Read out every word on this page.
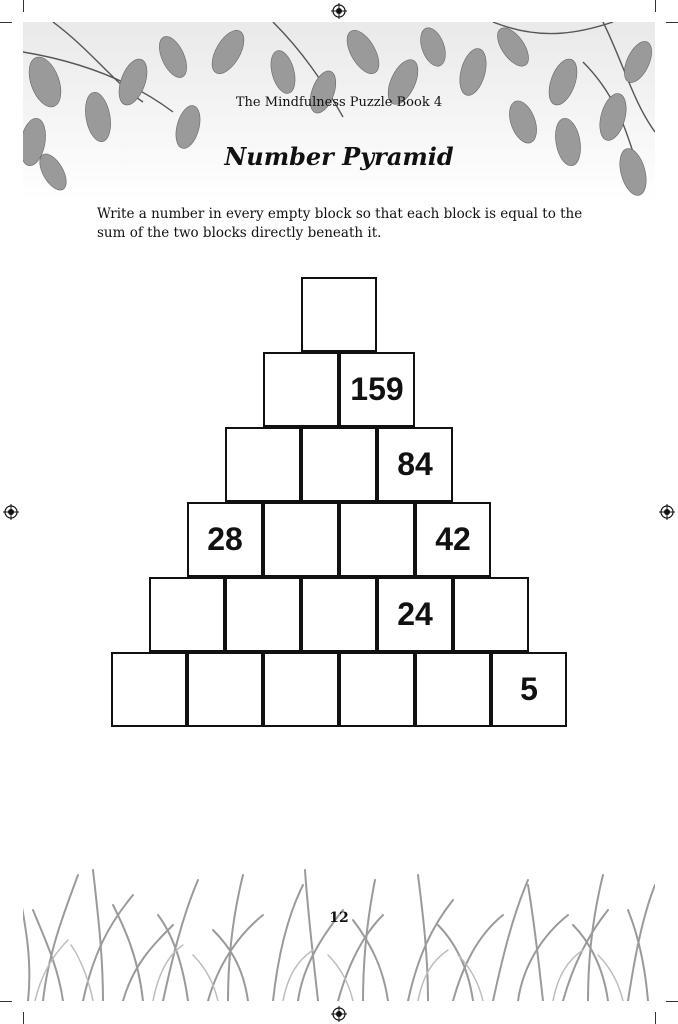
The Mindfulness Puzzle Book 4
Number Pyramid
Write a number in every empty block so that each block is equal to the
sum of the two blocks directly beneath it.
159
84
28	42
24
5
12
